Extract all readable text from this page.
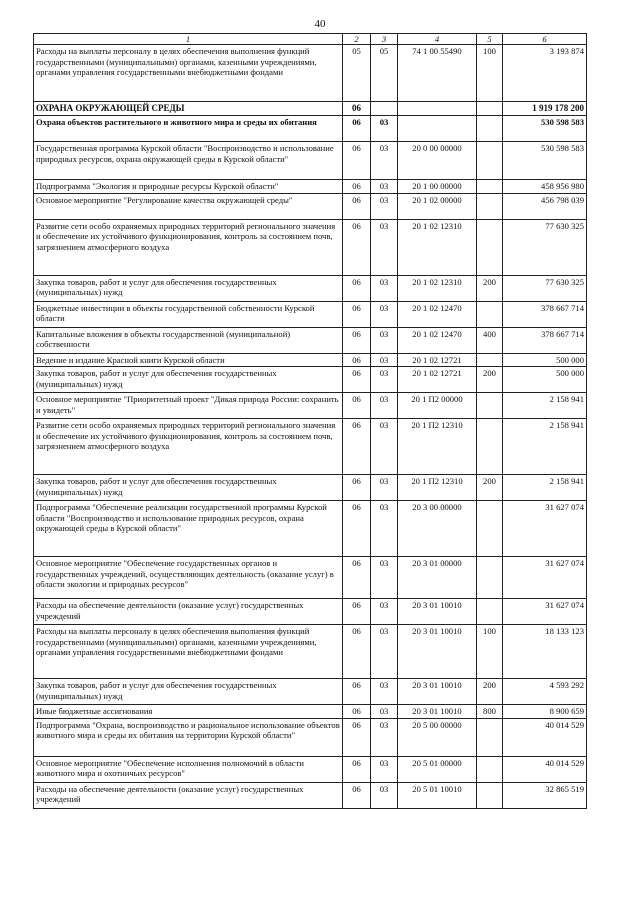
40
1	2	3	4	5	6
Расходы на выплаты персоналу в целях обеспечения выполнения функций государственными (муниципальными) органами, казенными учреждениями, органами управления государственными внебюджетными фондами	05	05	74 1 00 55490	100	3 193 874
ОХРАНА ОКРУЖАЮЩЕЙ СРЕДЫ	06				1 919 178 200
Охрана объектов растительного и животного мира и среды их обитания	06	03			530 598 583
Государственная программа Курской области "Воспроизводство и использование природных ресурсов, охрана окружающей среды в Курской области"	06	03	20 0 00 00000		530 598 583
Подпрограмма "Экология и природные ресурсы Курской области"	06	03	20 1 00 00000		458 956 980
Основное мероприятие "Регулирование качества окружающей среды"	06	03	20 1 02 00000		456 798 039
Развитие сети особо охраняемых природных территорий регионального значения и обеспечение их устойчивого функционирования, контроль за состоянием почв, загрязнением атмосферного воздуха	06	03	20 1 02 12310		77 630 325
Закупка товаров, работ и услуг для обеспечения государственных (муниципальных) нужд	06	03	20 1 02 12310	200	77 630 325
Бюджетные инвестиции в объекты государственной собственности Курской области	06	03	20 1 02 12470		378 667 714
Капитальные вложения в объекты государственной (муниципальной) собственности	06	03	20 1 02 12470	400	378 667 714
Ведение и издание Красной книги Курской области	06	03	20 1 02 12721		500 000
Закупка товаров, работ и услуг для обеспечения государственных (муниципальных) нужд	06	03	20 1 02 12721	200	500 000
Основное мероприятие "Приоритетный проект "Дикая природа России: сохранить и увидеть"	06	03	20 1 П2 00000		2 158 941
Развитие сети особо охраняемых природных территорий регионального значения и обеспечение их устойчивого функционирования, контроль за состоянием почв, загрязнением атмосферного воздуха	06	03	20 1 П2 12310		2 158 941
Закупка товаров, работ и услуг для обеспечения государственных (муниципальных) нужд	06	03	20 1 П2 12310	200	2 158 941
Подпрограмма "Обеспечение реализации государственной программы Курской области "Воспроизводство и использование природных ресурсов, охрана окружающей среды в Курской области"	06	03	20 3 00 00000		31 627 074
Основное мероприятие "Обеспечение государственных органов и государственных учреждений, осуществляющих деятельность (оказание услуг) в области экологии и природных ресурсов"	06	03	20 3 01 00000		31 627 074
Расходы на обеспечение деятельности (оказание услуг) государственных учреждений	06	03	20 3 01 10010		31 627 074
Расходы на выплаты персоналу в целях обеспечения выполнения функций государственными (муниципальными) органами, казенными учреждениями, органами управления государственными внебюджетными фондами	06	03	20 3 01 10010	100	18 133 123
Закупка товаров, работ и услуг для обеспечения государственных (муниципальных) нужд	06	03	20 3 01 10010	200	4 593 292
Иные бюджетные ассигнования	06	03	20 3 01 10010	800	8 900 659
Подпрограмма "Охрана, воспроизводство и рациональное использование объектов животного мира и среды их обитания на территории Курской области"	06	03	20 5 00 00000		40 014 529
Основное мероприятие "Обеспечение исполнения полномочий в области животного мира и охотничьих ресурсов"	06	03	20 5 01 00000		40 014 529
Расходы на обеспечение деятельности (оказание услуг) государственных учреждений	06	03	20 5 01 10010		32 865 519
